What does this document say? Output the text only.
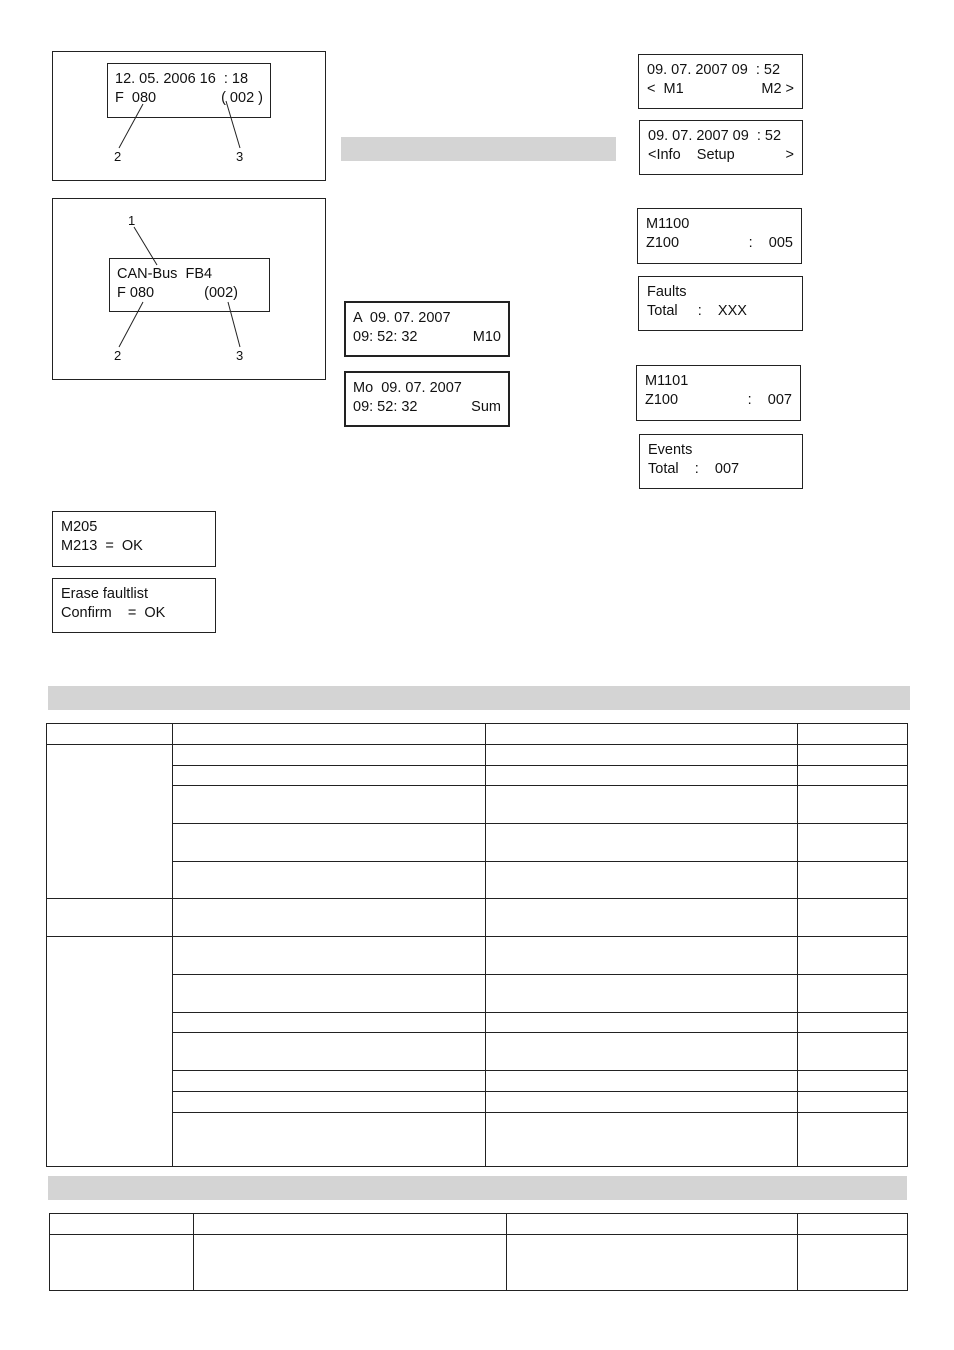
12. 05. 2006 16  : 18
F  080	( 002 )
2	3
CAN-Bus  FB4
F 080	(002)
1
2	3
A  09. 07. 2007
09: 52: 32	M10
Mo  09. 07. 2007
09: 52: 32	Sum
09. 07. 2007 09  : 52
<  M1	M2 >
09. 07. 2007 09  : 52
<Info    Setup	>
M1100
Z100	:    005
Faults
Total     :    XXX
M1101
Z100	:    007
Events
Total    :    007
M205
M213  =  OK
Erase faultlist
Confirm    =  OK
